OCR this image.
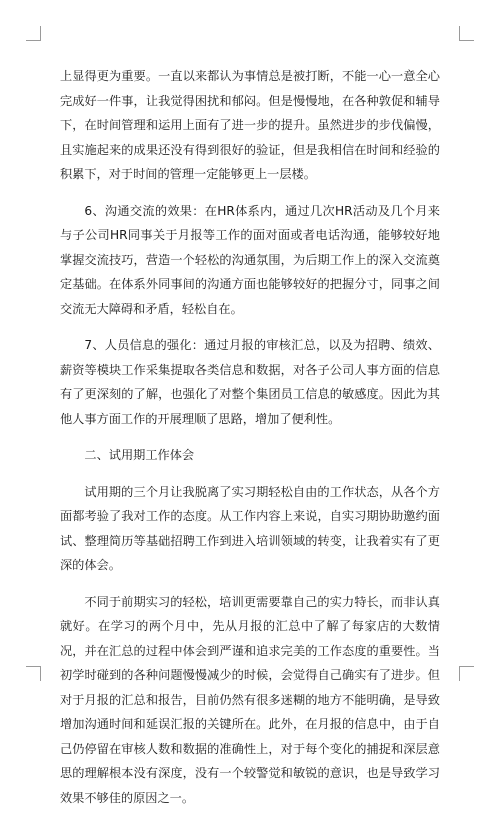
上显得更为重要。一直以来都认为事情总是被打断，不能一心一意全心完成好一件事，让我觉得困扰和郁闷。但是慢慢地，在各种敦促和辅导下，在时间管理和运用上面有了进一步的提升。虽然进步的步伐偏慢，且实施起来的成果还没有得到很好的验证，但是我相信在时间和经验的积累下，对于时间的管理一定能够更上一层楼。

6、沟通交流的效果：在HR体系内，通过几次HR活动及几个月来与子公司HR同事关于月报等工作的面对面或者电话沟通，能够较好地掌握交流技巧，营造一个轻松的沟通氛围，为后期工作上的深入交流奠定基础。在体系外同事间的沟通方面也能够较好的把握分寸，同事之间交流无大障碍和矛盾，轻松自在。

7、人员信息的强化：通过月报的审核汇总，以及为招聘、绩效、薪资等模块工作采集提取各类信息和数据，对各子公司人事方面的信息有了更深刻的了解，也强化了对整个集团员工信息的敏感度。因此为其他人事方面工作的开展理顺了思路，增加了便利性。

二、试用期工作体会

试用期的三个月让我脱离了实习期轻松自由的工作状态，从各个方面都考验了我对工作的态度。从工作内容上来说，自实习期协助邀约面试、整理简历等基础招聘工作到进入培训领域的转变，让我着实有了更深的体会。

不同于前期实习的轻松，培训更需要靠自己的实力特长，而非认真就好。在学习的两个月中，先从月报的汇总中了解了每家店的大数情况，并在汇总的过程中体会到严谨和追求完美的工作态度的重要性。当初学时碰到的各种问题慢慢减少的时候，会觉得自己确实有了进步。但对于月报的汇总和报告，目前仍然有很多迷糊的地方不能明确，是导致增加沟通时间和延误汇报的关键所在。此外，在月报的信息中，由于自己仍停留在审核人数和数据的准确性上，对于每个变化的捕捉和深层意思的理解根本没有深度，没有一个较警觉和敏锐的意识，也是导致学习效果不够佳的原因之一。
